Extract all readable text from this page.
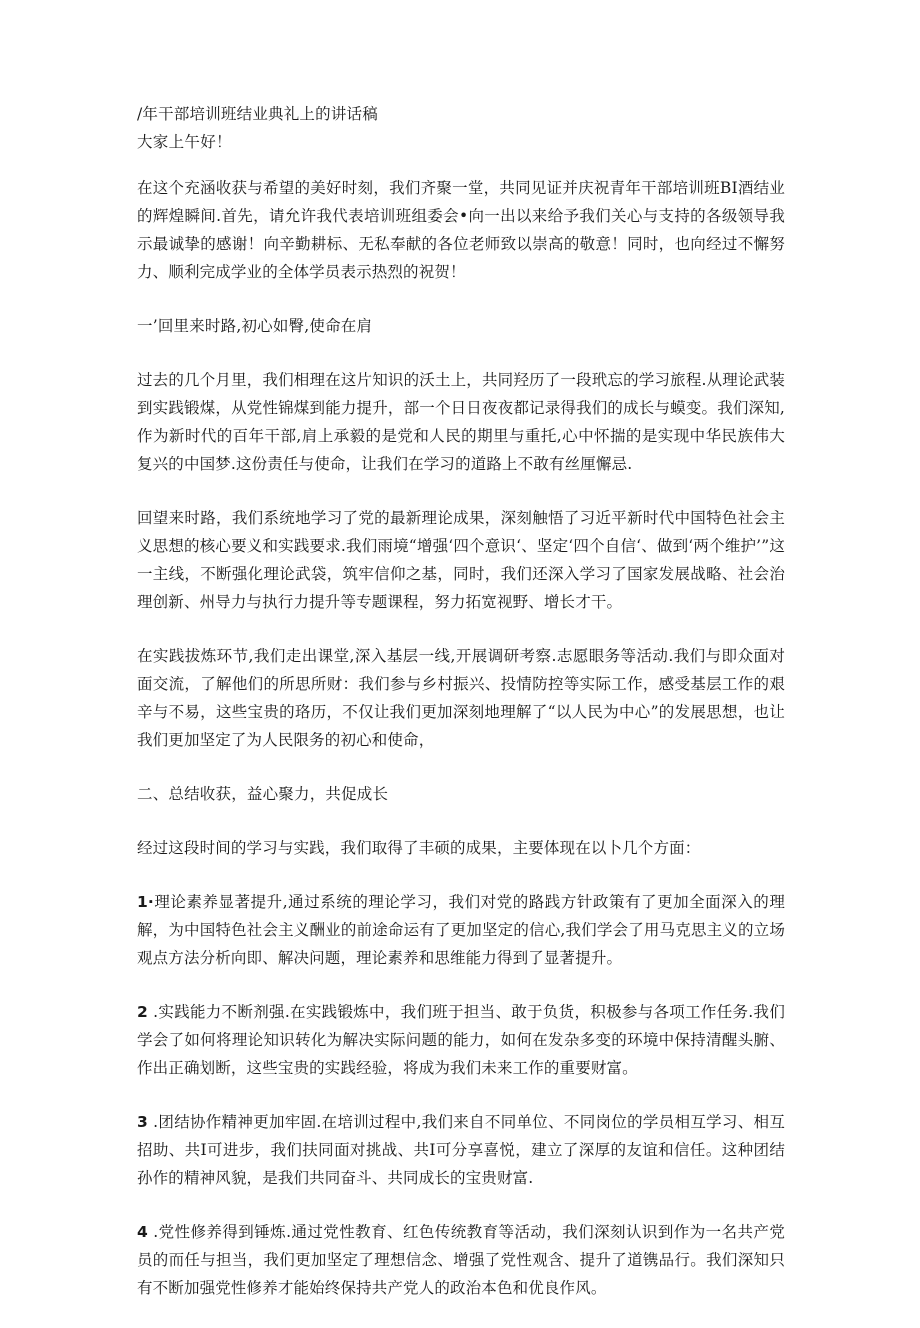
/年干部培训班结业典礼上的讲话稿

大家上午好！

在这个充涵收获与希望的美好时刻，我们齐聚一堂，共同见证并庆祝青年干部培训班BI酒结业的辉煌瞬间.首先，请允许我代表培训班组委会•向一出以来给予我们关心与支持的各级领导我示最诚挚的感谢！向辛勤耕标、无私奉献的各位老师致以崇高的敬意！同时，也向经过不懈努力、顺利完成学业的全体学员表示热烈的祝贺！

一’回里来时路,初心如臀,使命在肩

过去的几个月里，我们相理在这片知识的沃土上，共同羟历了一段玳忘的学习旅程.从理论武装到实践锻煤，从党性锦煤到能力提升，部一个日日夜夜都记录得我们的成长与蟆变。我们深知,作为新时代的百年干部,肩上承毅的是党和人民的期里与重托,心中怀揣的是实现中华民族伟大复兴的中国梦.这份责任与使命，让我们在学习的道路上不敢有丝厘懈忌.

回望来时路，我们系统地学习了党的最新理论成果，深刻触悟了习近平新时代中国特色社会主义思想的核心要义和实践要求.我们雨境“增强‘四个意识‘、坚定‘四个自信‘、做到‘两个维护’”这一主线，不断强化理论武袋，筑牢信仰之基，同时，我们还深入学习了国家发展战略、社会治理创新、州导力与执行力提升等专题课程，努力拓宽视野、增长才干。

在实践拔炼环节,我们走出课堂,深入基层一线,开展调研考察.志愿眼务等活动.我们与即众面对面交流，了解他们的所思所财：我们参与乡村振兴、投情防控等实际工作，感受基层工作的艰辛与不易，这些宝贵的珞历，不仅让我们更加深刻地理解了“以人民为中心”的发展思想，也让我们更加坚定了为人民限务的初心和使命，

二、总结收获，益心聚力，共促成长

经过这段时间的学习与实践，我们取得了丰硕的成果，主要体现在以卜几个方面：

1·理论素养显著提升,通过系统的理论学习，我们对党的路践方针政策有了更加全面深入的理解，为中国特色社会主义酬业的前途命运有了更加坚定的信心,我们学会了用马克思主义的立场观点方法分析向即、解决问题，理论素养和思维能力得到了显著提升。

2 .实践能力不断剂强.在实践锻炼中，我们班于担当、敢于负货，积极参与各项工作任务.我们学会了如何将理论知识转化为解决实际问题的能力，如何在发杂多变的环境中保持清醒头腑、作出正确划断，这些宝贵的实践经验，将成为我们未来工作的重要财富。

3 .团结协作精神更加牢固.在培训过程中,我们来自不同单位、不同岗位的学员相互学习、相互招助、共I可进步，我们扶同面对挑战、共I可分享喜悦，建立了深厚的友谊和信任。这种团结孙作的精神风貌，是我们共同奋斗、共同成长的宝贵财富.

4 .党性修养得到锤炼.通过党性教育、红色传统教育等活动，我们深刻认识到作为一名共产党员的而任与担当，我们更加坚定了理想信念、增强了党性观含、提升了道镌品行。我们深知只有不断加强党性修养才能始终保持共产党人的政治本色和优良作风。
